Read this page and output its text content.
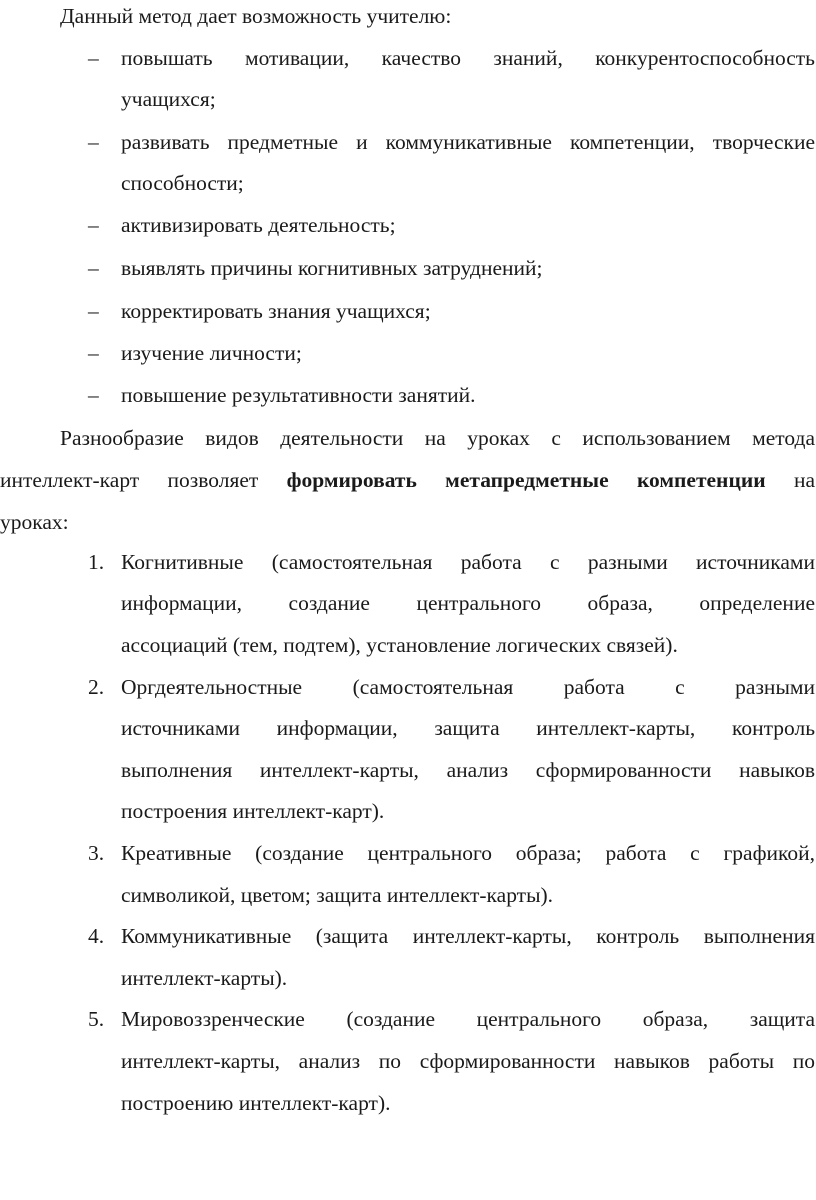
Данный метод дает возможность учителю:
–	повышать мотивации, качество знаний, конкурентоспособность
учащихся;
–	развивать предметные и коммуникативные компетенции, творческие
способности;
–	активизировать деятельность;
–	выявлять причины когнитивных затруднений;
–	корректировать знания учащихся;
–	изучение личности;
–	повышение результативности занятий.
Разнообразие видов деятельности на уроках с использованием метода
интеллект-карт позволяет формировать метапредметные компетенции на
уроках:
1. Когнитивные (самостоятельная работа с разными источниками
информации, создание центрального образа, определение
ассоциаций (тем, подтем), установление логических связей).
2. Оргдеятельностные (самостоятельная работа с разными
источниками информации, защита интеллект-карты, контроль
выполнения интеллект-карты, анализ сформированности навыков
построения интеллект-карт).
3. Креативные (создание центрального образа; работа с графикой,
символикой, цветом; защита интеллект-карты).
4. Коммуникативные (защита интеллект-карты, контроль выполнения
интеллект-карты).
5. Мировоззренческие (создание центрального образа, защита
интеллект-карты, анализ по сформированности навыков работы по
построению интеллект-карт).
